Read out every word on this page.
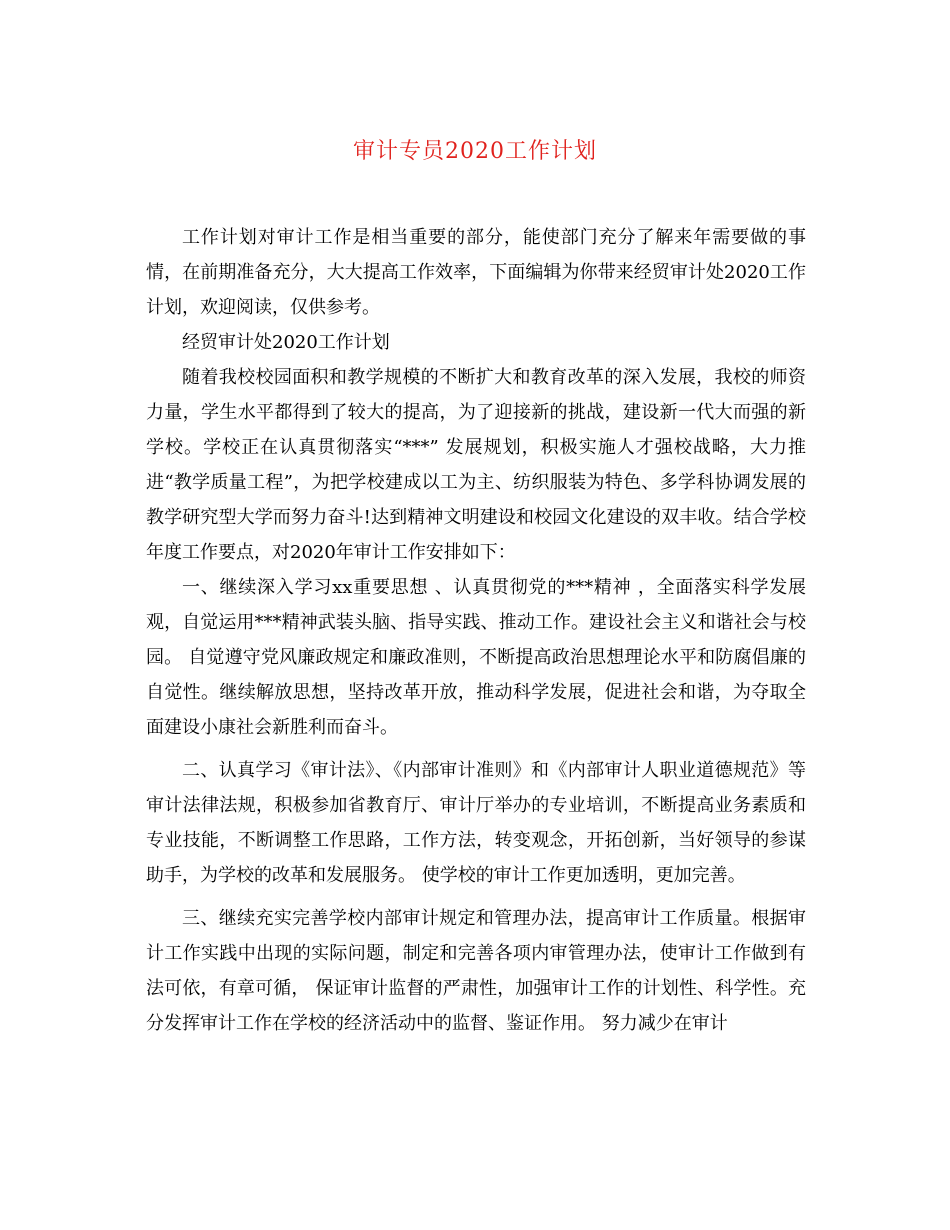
审计专员2020工作计划

工作计划对审计工作是相当重要的部分，能使部门充分了解来年需要做的事情，在前期准备充分，大大提高工作效率，下面编辑为你带来经贸审计处2020工作计划，欢迎阅读，仅供参考。

经贸审计处2020工作计划

随着我校校园面积和教学规模的不断扩大和教育改革的深入发展，我校的师资力量，学生水平都得到了较大的提高，为了迎接新的挑战，建设新一代大而强的新学校。学校正在认真贯彻落实“***” 发展规划，积极实施人才强校战略，大力推进“教学质量工程”，为把学校建成以工为主、纺织服装为特色、多学科协调发展的教学研究型大学而努力奋斗!达到精神文明建设和校园文化建设的双丰收。结合学校年度工作要点，对2020年审计工作安排如下：

一、继续深入学习xx重要思想 、认真贯彻党的***精神 ，全面落实科学发展观，自觉运用***精神武装头脑、指导实践、推动工作。建设社会主义和谐社会与校园。 自觉遵守党风廉政规定和廉政准则，不断提高政治思想理论水平和防腐倡廉的自觉性。继续解放思想，坚持改革开放，推动科学发展，促进社会和谐，为夺取全面建设小康社会新胜利而奋斗。

二、认真学习《审计法》、《内部审计准则》和《内部审计人职业道德规范》等审计法律法规，积极参加省教育厅、审计厅举办的专业培训，不断提高业务素质和专业技能，不断调整工作思路，工作方法，转变观念，开拓创新，当好领导的参谋助手，为学校的改革和发展服务。 使学校的审计工作更加透明，更加完善。

三、继续充实完善学校内部审计规定和管理办法，提高审计工作质量。根据审计工作实践中出现的实际问题，制定和完善各项内审管理办法，使审计工作做到有法可依，有章可循， 保证审计监督的严肃性，加强审计工作的计划性、科学性。充分发挥审计工作在学校的经济活动中的监督、鉴证作用。 努力减少在审计
